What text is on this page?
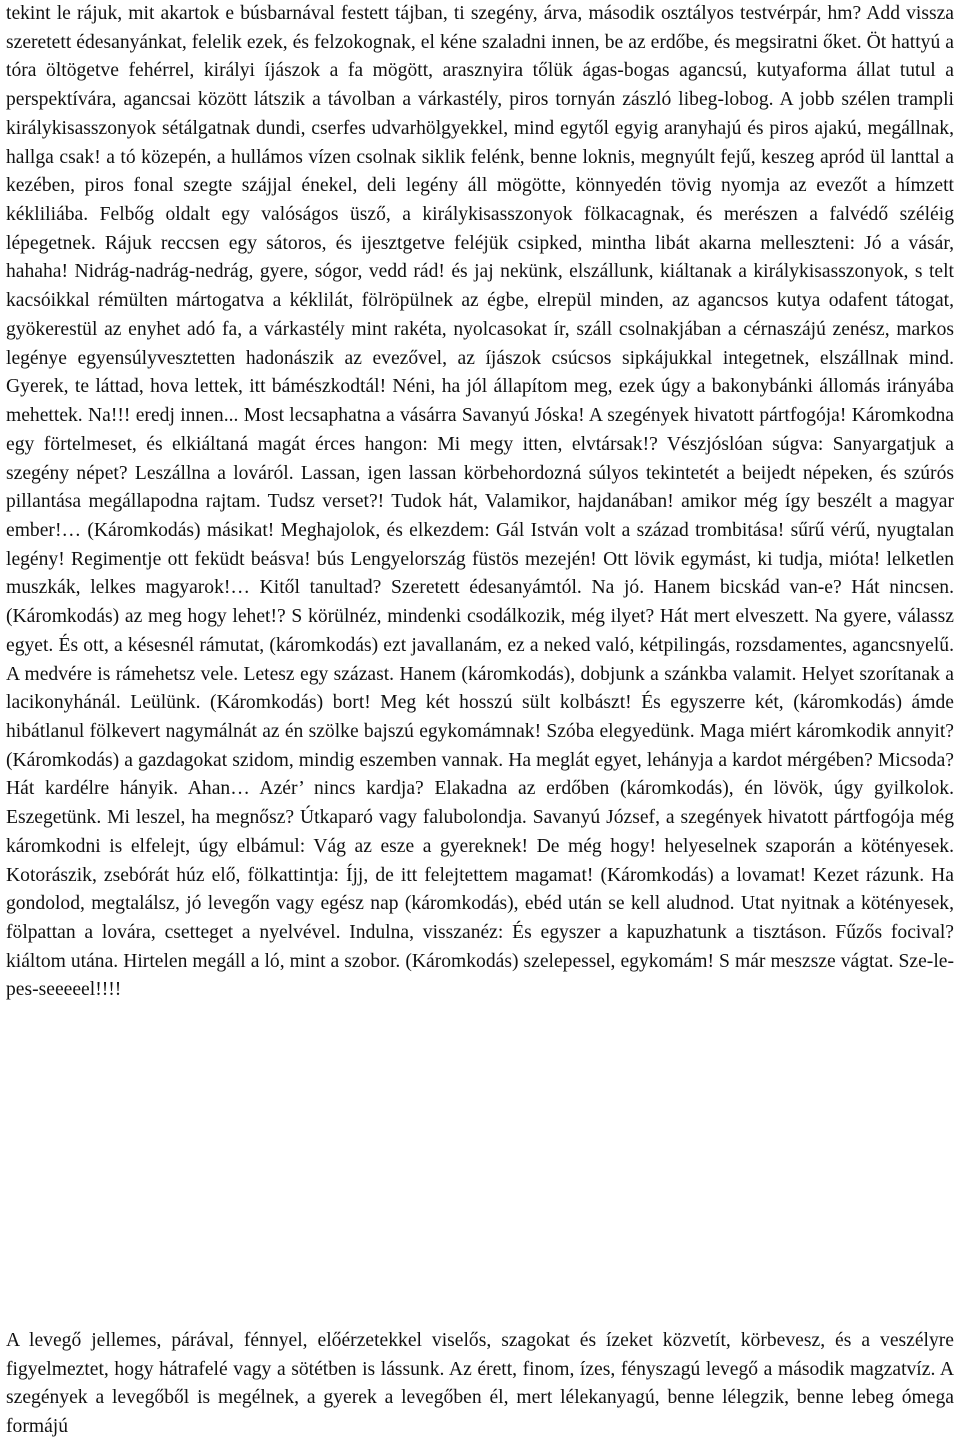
tekint le rájuk, mit akartok e búsbarnával festett tájban, ti szegény, árva, második osztályos testvérpár, hm? Add vissza szeretett édesanyánkat, felelik ezek, és felzokognak, el kéne szaladni innen, be az erdőbe, és megsiratni őket. Öt hattyú a tóra öltögetve fehérrel, királyi íjászok a fa mögött, arasznyira tőlük ágas-bogas agancsú, kutyaforma állat tutul a perspektívára, agancsai között látszik a távolban a várkastély, piros tornyán zászló libeg-lobog. A jobb szélen trampli királykisasszonyok sétálgatnak dundi, cserfes udvarhölgyekkel, mind egytől egyig aranyhajú és piros ajakú, megállnak, hallga csak! a tó közepén, a hullámos vízen csolnak siklik felénk, benne loknis, megnyúlt fejű, keszeg apród ül lanttal a kezében, piros fonal szegte szájjal énekel, deli legény áll mögötte, könnyedén tövig nyomja az evezőt a hímzett kékliliába. Felbőg oldalt egy valóságos üsző, a királykisasszonyok fölkacagnak, és merészen a falvédő széléig lépegetnek. Rájuk reccsen egy sátoros, és ijesztgetve feléjük csipked, mintha libát akarna melleszteni: Jó a vásár, hahaha! Nidrág-nadrág-nedrág, gyere, sógor, vedd rád! és jaj nekünk, elszállunk, kiáltanak a királykisasszonyok, s telt kacsóikkal rémülten mártogatva a kéklilát, fölröpülnek az égbe, elrepül minden, az agancsos kutya odafent tátogat, gyökerestül az enyhet adó fa, a várkastély mint rakéta, nyolcasokat ír, száll csolnakjában a cérnaszájú zenész, markos legénye egyensúlyvesztetten hadonászik az evezővel, az íjászok csúcsos sipkájukkal integetnek, elszállnak mind. Gyerek, te láttad, hova lettek, itt bámészkodtál! Néni, ha jól állapítom meg, ezek úgy a bakonybánki állomás irányába mehettek. Na!!! eredj innen... Most lecsaphatna a vásárra Savanyú Jóska! A szegények hivatott pártfogója! Káromkodna egy förtelmeset, és elkiáltaná magát érces hangon: Mi megy itten, elvtársak!? Vészjóslóan súgva: Sanyargatjuk a szegény népet? Leszállna a lováról. Lassan, igen lassan körbehordozná súlyos tekintetét a beijedt népeken, és szúrós pillantása megállapodna rajtam. Tudsz verset?! Tudok hát, Valamikor, hajdanában! amikor még így beszélt a magyar ember!… (Káromkodás) másikat! Meghajolok, és elkezdem: Gál István volt a század trombitása! sűrű vérű, nyugtalan legény! Regimentje ott feküdt beásva! bús Lengyelország füstös mezején! Ott lövik egymást, ki tudja, mióta! lelketlen muszkák, lelkes magyarok!… Kitől tanultad? Szeretett édesanyámtól. Na jó. Hanem bicskád van-e? Hát nincsen. (Káromkodás) az meg hogy lehet!? S körülnéz, mindenki csodálkozik, még ilyet? Hát mert elveszett. Na gyere, válassz egyet. És ott, a késesnél rámutat, (káromkodás) ezt javallanám, ez a neked való, kétpilingás, rozsdamentes, agancsnyelű. A medvére is rámehetsz vele. Letesz egy százast. Hanem (káromkodás), dobjunk a szánkba valamit. Helyet szorítanak a lacikonyhánál. Leülünk. (Káromkodás) bort! Meg két hosszú sült kolbászt! És egyszerre két, (káromkodás) ámde hibátlanul fölkevert nagymálnát az én szölke bajszú egykomámnak! Szóba elegyedünk. Maga miért káromkodik annyit? (Káromkodás) a gazdagokat szidom, mindig eszemben vannak. Ha meglát egyet, lehányja a kardot mérgében? Micsoda? Hát kardélre hányik. Ahan… Azér’ nincs kardja? Elakadna az erdőben (káromkodás), én lövök, úgy gyilkolok. Eszegetünk. Mi leszel, ha megnősz? Útkaparó vagy falubolondja. Savanyú József, a szegények hivatott pártfogója még káromkodni is elfelejt, úgy elbámul: Vág az esze a gyereknek! De még hogy! helyeselnek szaporán a kötényesek. Kotorászik, zsebórát húz elő, fölkattintja: Íjj, de itt felejtettem magamat! (Káromkodás) a lovamat! Kezet rázunk. Ha gondolod, megtalálsz, jó levegőn vagy egész nap (káromkodás), ebéd után se kell aludnod. Utat nyitnak a kötényesek, fölpattan a lovára, csetteget a nyelvével. Indulna, visszanéz: És egyszer a kapuzhatunk a tisztáson. Fűzős focival? kiáltom utána. Hirtelen megáll a ló, mint a szobor. (Káromkodás) szelepessel, egykomám! S már meszsze vágtat. Sze-le-pes-seeeeel!!!!

A levegő jellemes, párával, fénnyel, előérzetekkel viselős, szagokat és ízeket közvetít, körbevesz, és a veszélyre figyelmeztet, hogy hátrafelé vagy a sötétben is lássunk. Az érett, finom, ízes, fényszagú levegő a második magzatvíz. A szegények a levegőből is megélnek, a gyerek a levegőben él, mert lélekanyagú, benne lélegzik, benne lebeg ómega formájú
